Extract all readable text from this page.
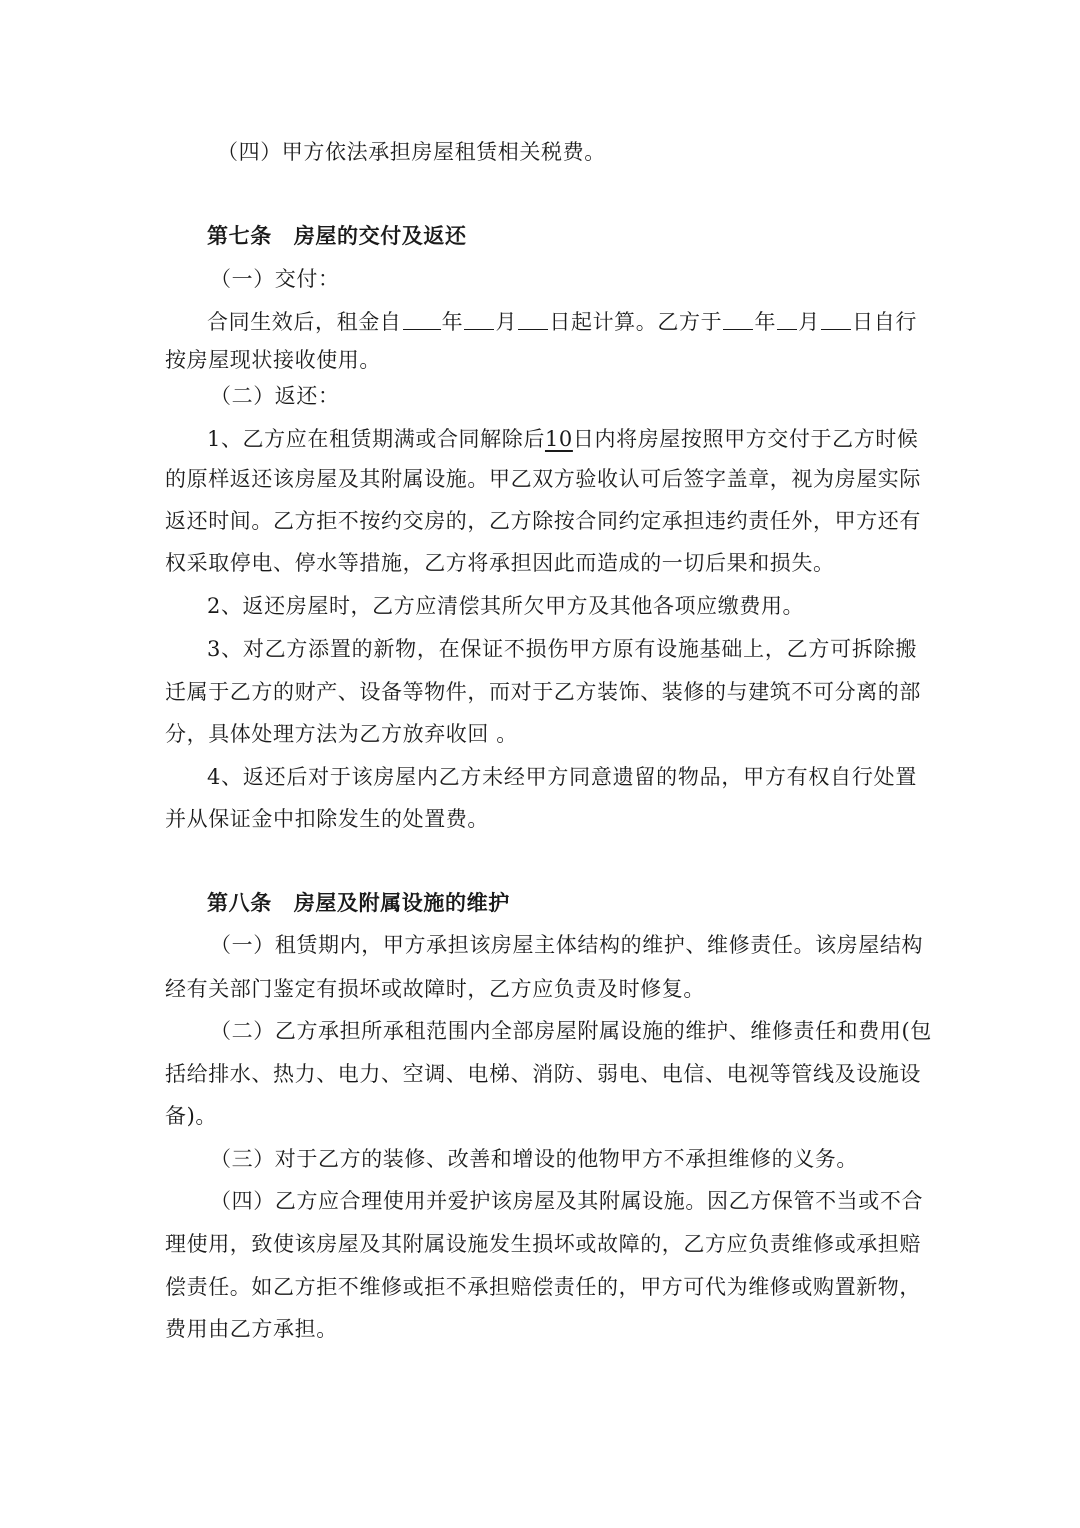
（四）甲方依法承担房屋租赁相关税费。
第七条 房屋的交付及返还
（一）交付：
合同生效后，租金自 年 月 日起计算。乙方于 年 月 日自行
按房屋现状接收使用。
（二）返还：
1、乙方应在租赁期满或合同解除后 10 日内将房屋按照甲方交付于乙方时候
的原样返还该房屋及其附属设施。甲乙双方验收认可后签字盖章，视为房屋实际
返还时间。乙方拒不按约交房的，乙方除按合同约定承担违约责任外，甲方还有
权采取停电、停水等措施，乙方将承担因此而造成的一切后果和损失。
2、返还房屋时，乙方应清偿其所欠甲方及其他各项应缴费用。
3 、 对 乙 方 添 置 的 新 物 ， 在 保 证 不 损 伤 甲 方 原 有 设 施 基 础 上 ， 乙 方 可 拆 除 搬
迁属于乙方的财产、设备等物件，而对于乙方装饰、装修的与建筑不可分离的部
分，具体处理方法为乙方放弃收回 。
4 、 返 还 后 对 于 该 房 屋 内 乙 方 未 经 甲 方 同 意 遗 留 的 物 品 ， 甲 方 有 权 自 行 处 置
并从保证金中扣除发生的处置费。
第八条 房屋及附属设施的维护
（ 一 ） 租 赁 期 内 ， 甲 方 承 担 该 房 屋 主 体 结 构 的 维 护 、 维 修 责 任 。 该 房 屋 结 构
经有关部门鉴定有损坏或故障时，乙方应负责及时修复。
（ 二 ） 乙 方 承 担 所 承 租 范 围 内 全 部 房 屋 附 属 设 施 的 维 护 、 维 修 责 任 和 费 用 ( 包
括给排水、热力、电力、空调、电梯、消防、弱电、电信、电视等管线及设施设
备)。
（三）对于乙方的装修、改善和增设的他物甲方不承担维修的义务。
（ 四 ） 乙 方 应 合 理 使 用 并 爱 护 该 房 屋 及 其 附 属 设 施 。 因 乙 方 保 管 不 当 或 不 合
理使用，致使该房屋及其附属设施发生损坏或故障的，乙方应负责维修或承担赔
偿责任。如乙方拒不维修或拒不承担赔偿责任的，甲方可代为维修或购置新物，
费用由乙方承担。
